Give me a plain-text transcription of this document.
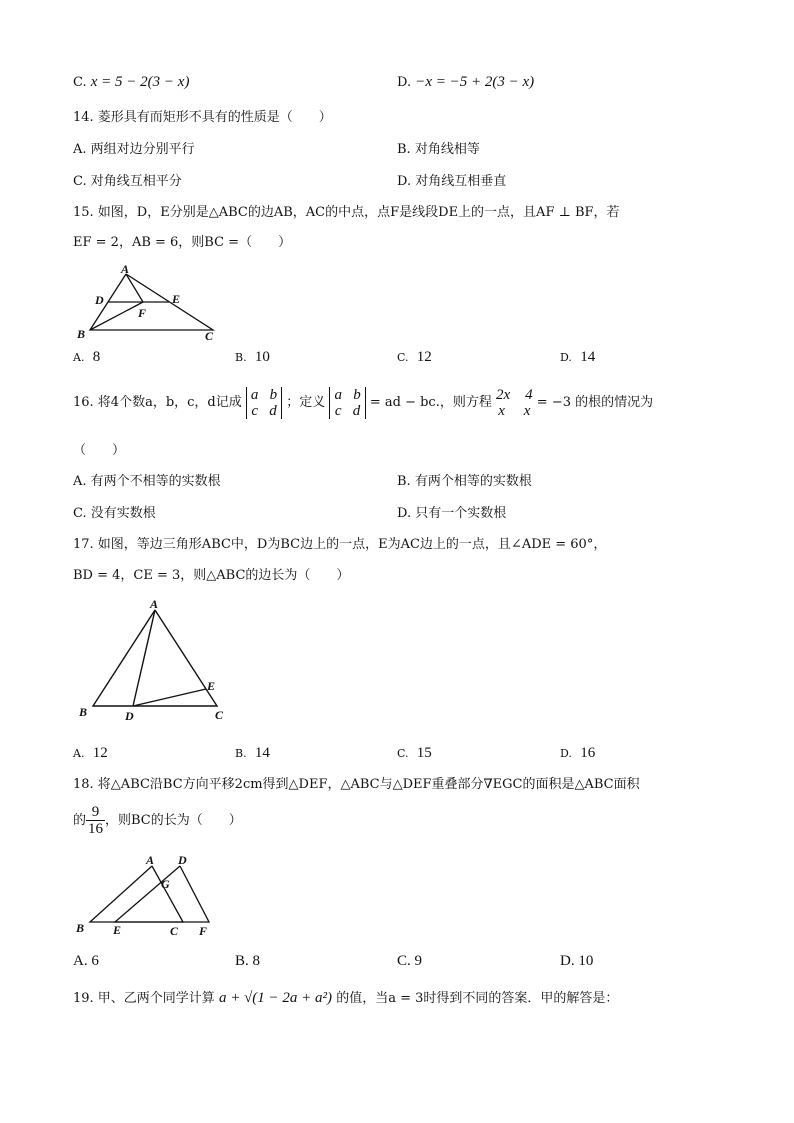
C. x = 5 − 2(3 − x)	D. −x = −5 + 2(3 − x)
14. 菱形具有而矩形不具有的性质是（　　）
A. 两组对边分别平行	B. 对角线相等
C. 对角线互相平分	D. 对角线互相垂直
15. 如图，D，E分别是△ABC的边AB，AC的中点，点F是线段DE上的一点，且AF ⊥ BF，若
EF = 2，AB = 6，则BC =（　　）
A
D	E
F
B	C
A. 8	B. 10	C. 12	D. 14
16. 将4个数a，b，c，d记成 a b
c d ；定义 a b
c d = ad − bc.，则方程 2x　4
x　 x = −3 的根的情况为
（　　）
A. 有两个不相等的实数根	B. 有两个相等的实数根
C. 没有实数根	D. 只有一个实数根
17. 如图，等边三角形ABC中，D为BC边上的一点，E为AC边上的一点，且∠ADE = 60°，
BD = 4，CE = 3，则△ABC的边长为（　　）
A
E
B	D	C
A. 12	B. 14	C. 15	D. 16
18. 将△ABC沿BC方向平移2cm得到△DEF，△ABC与△DEF重叠部分∇EGC的面积是△ABC面积
的 $\frac{9}{16}$ ，则BC的长为（　　）
A D
G
B E	C F
A. 6	B. 8	C. 9	D. 10
19. 甲、乙两个同学计算 a + √(1 − 2a + a²) 的值，当a = 3时得到不同的答案．甲的解答是：
